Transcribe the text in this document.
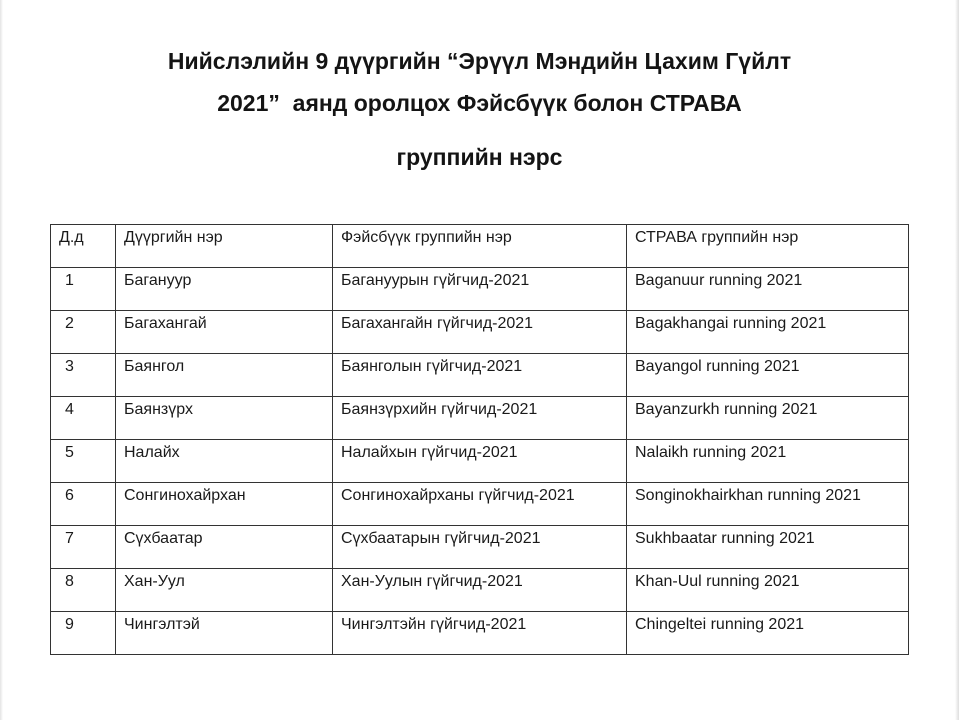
Нийслэлийн 9 дүүргийн “Эрүүл Мэндийн Цахим Гүйлт
2021”  аянд оролцох Фэйсбүүк болон СТРАВА
группийн нэрс
Д.д	Дүүргийн нэр	Фэйсбүүк группийн нэр	СТРАВА группийн нэр
1	Багануур	Багануурын гүйгчид-2021	Baganuur running 2021
2	Багахангай	Багахангайн гүйгчид-2021	Bagakhangai running 2021
3	Баянгол	Баянголын гүйгчид-2021	Bayangol running 2021
4	Баянзүрх	Баянзүрхийн гүйгчид-2021	Bayanzurkh running 2021
5	Налайх	Налайхын гүйгчид-2021	Nalaikh running 2021
6	Сонгинохайрхан	Сонгинохайрханы гүйгчид-2021	Songinokhairkhan running 2021
7	Сүхбаатар	Сүхбаатарын гүйгчид-2021	Sukhbaatar running 2021
8	Хан-Уул	Хан-Уулын гүйгчид-2021	Khan-Uul running 2021
9	Чингэлтэй	Чингэлтэйн гүйгчид-2021	Chingeltei running 2021
